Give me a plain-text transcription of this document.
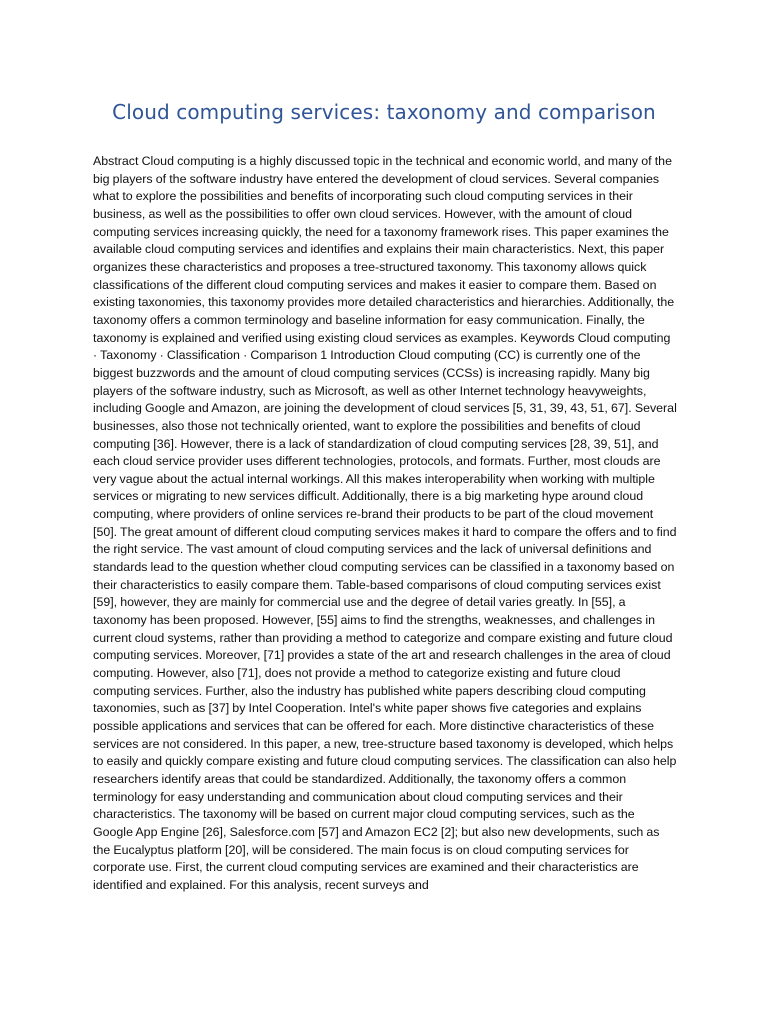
Cloud computing services: taxonomy and comparison

Abstract Cloud computing is a highly discussed topic in the technical and economic world, and many of the big players of the software industry have entered the development of cloud services. Several companies what to explore the possibilities and benefits of incorporating such cloud computing services in their business, as well as the possibilities to offer own cloud services. However, with the amount of cloud computing services increasing quickly, the need for a taxonomy framework rises. This paper examines the available cloud computing services and identifies and explains their main characteristics. Next, this paper organizes these characteristics and proposes a tree-structured taxonomy. This taxonomy allows quick classifications of the different cloud computing services and makes it easier to compare them. Based on existing taxonomies, this taxonomy provides more detailed characteristics and hierarchies. Additionally, the taxonomy offers a common terminology and baseline information for easy communication. Finally, the taxonomy is explained and verified using existing cloud services as examples. Keywords Cloud computing · Taxonomy · Classification · Comparison 1 Introduction Cloud computing (CC) is currently one of the biggest buzzwords and the amount of cloud computing services (CCSs) is increasing rapidly. Many big players of the software industry, such as Microsoft, as well as other Internet technology heavyweights, including Google and Amazon, are joining the development of cloud services [5, 31, 39, 43, 51, 67]. Several businesses, also those not technically oriented, want to explore the possibilities and benefits of cloud computing [36]. However, there is a lack of standardization of cloud computing services [28, 39, 51], and each cloud service provider uses different technologies, protocols, and formats. Further, most clouds are very vague about the actual internal workings. All this makes interoperability when working with multiple services or migrating to new services difficult. Additionally, there is a big marketing hype around cloud computing, where providers of online services re-brand their products to be part of the cloud movement [50]. The great amount of different cloud computing services makes it hard to compare the offers and to find the right service. The vast amount of cloud computing services and the lack of universal definitions and standards lead to the question whether cloud computing services can be classified in a taxonomy based on their characteristics to easily compare them. Table-based comparisons of cloud computing services exist [59], however, they are mainly for commercial use and the degree of detail varies greatly. In [55], a taxonomy has been proposed. However, [55] aims to find the strengths, weaknesses, and challenges in current cloud systems, rather than providing a method to categorize and compare existing and future cloud computing services. Moreover, [71] provides a state of the art and research challenges in the area of cloud computing. However, also [71], does not provide a method to categorize existing and future cloud computing services. Further, also the industry has published white papers describing cloud computing taxonomies, such as [37] by Intel Cooperation. Intel's white paper shows five categories and explains possible applications and services that can be offered for each. More distinctive characteristics of these services are not considered. In this paper, a new, tree-structure based taxonomy is developed, which helps to easily and quickly compare existing and future cloud computing services. The classification can also help researchers identify areas that could be standardized. Additionally, the taxonomy offers a common terminology for easy understanding and communication about cloud computing services and their characteristics. The taxonomy will be based on current major cloud computing services, such as the Google App Engine [26], Salesforce.com [57] and Amazon EC2 [2]; but also new developments, such as the Eucalyptus platform [20], will be considered. The main focus is on cloud computing services for corporate use. First, the current cloud computing services are examined and their characteristics are identified and explained. For this analysis, recent surveys and
